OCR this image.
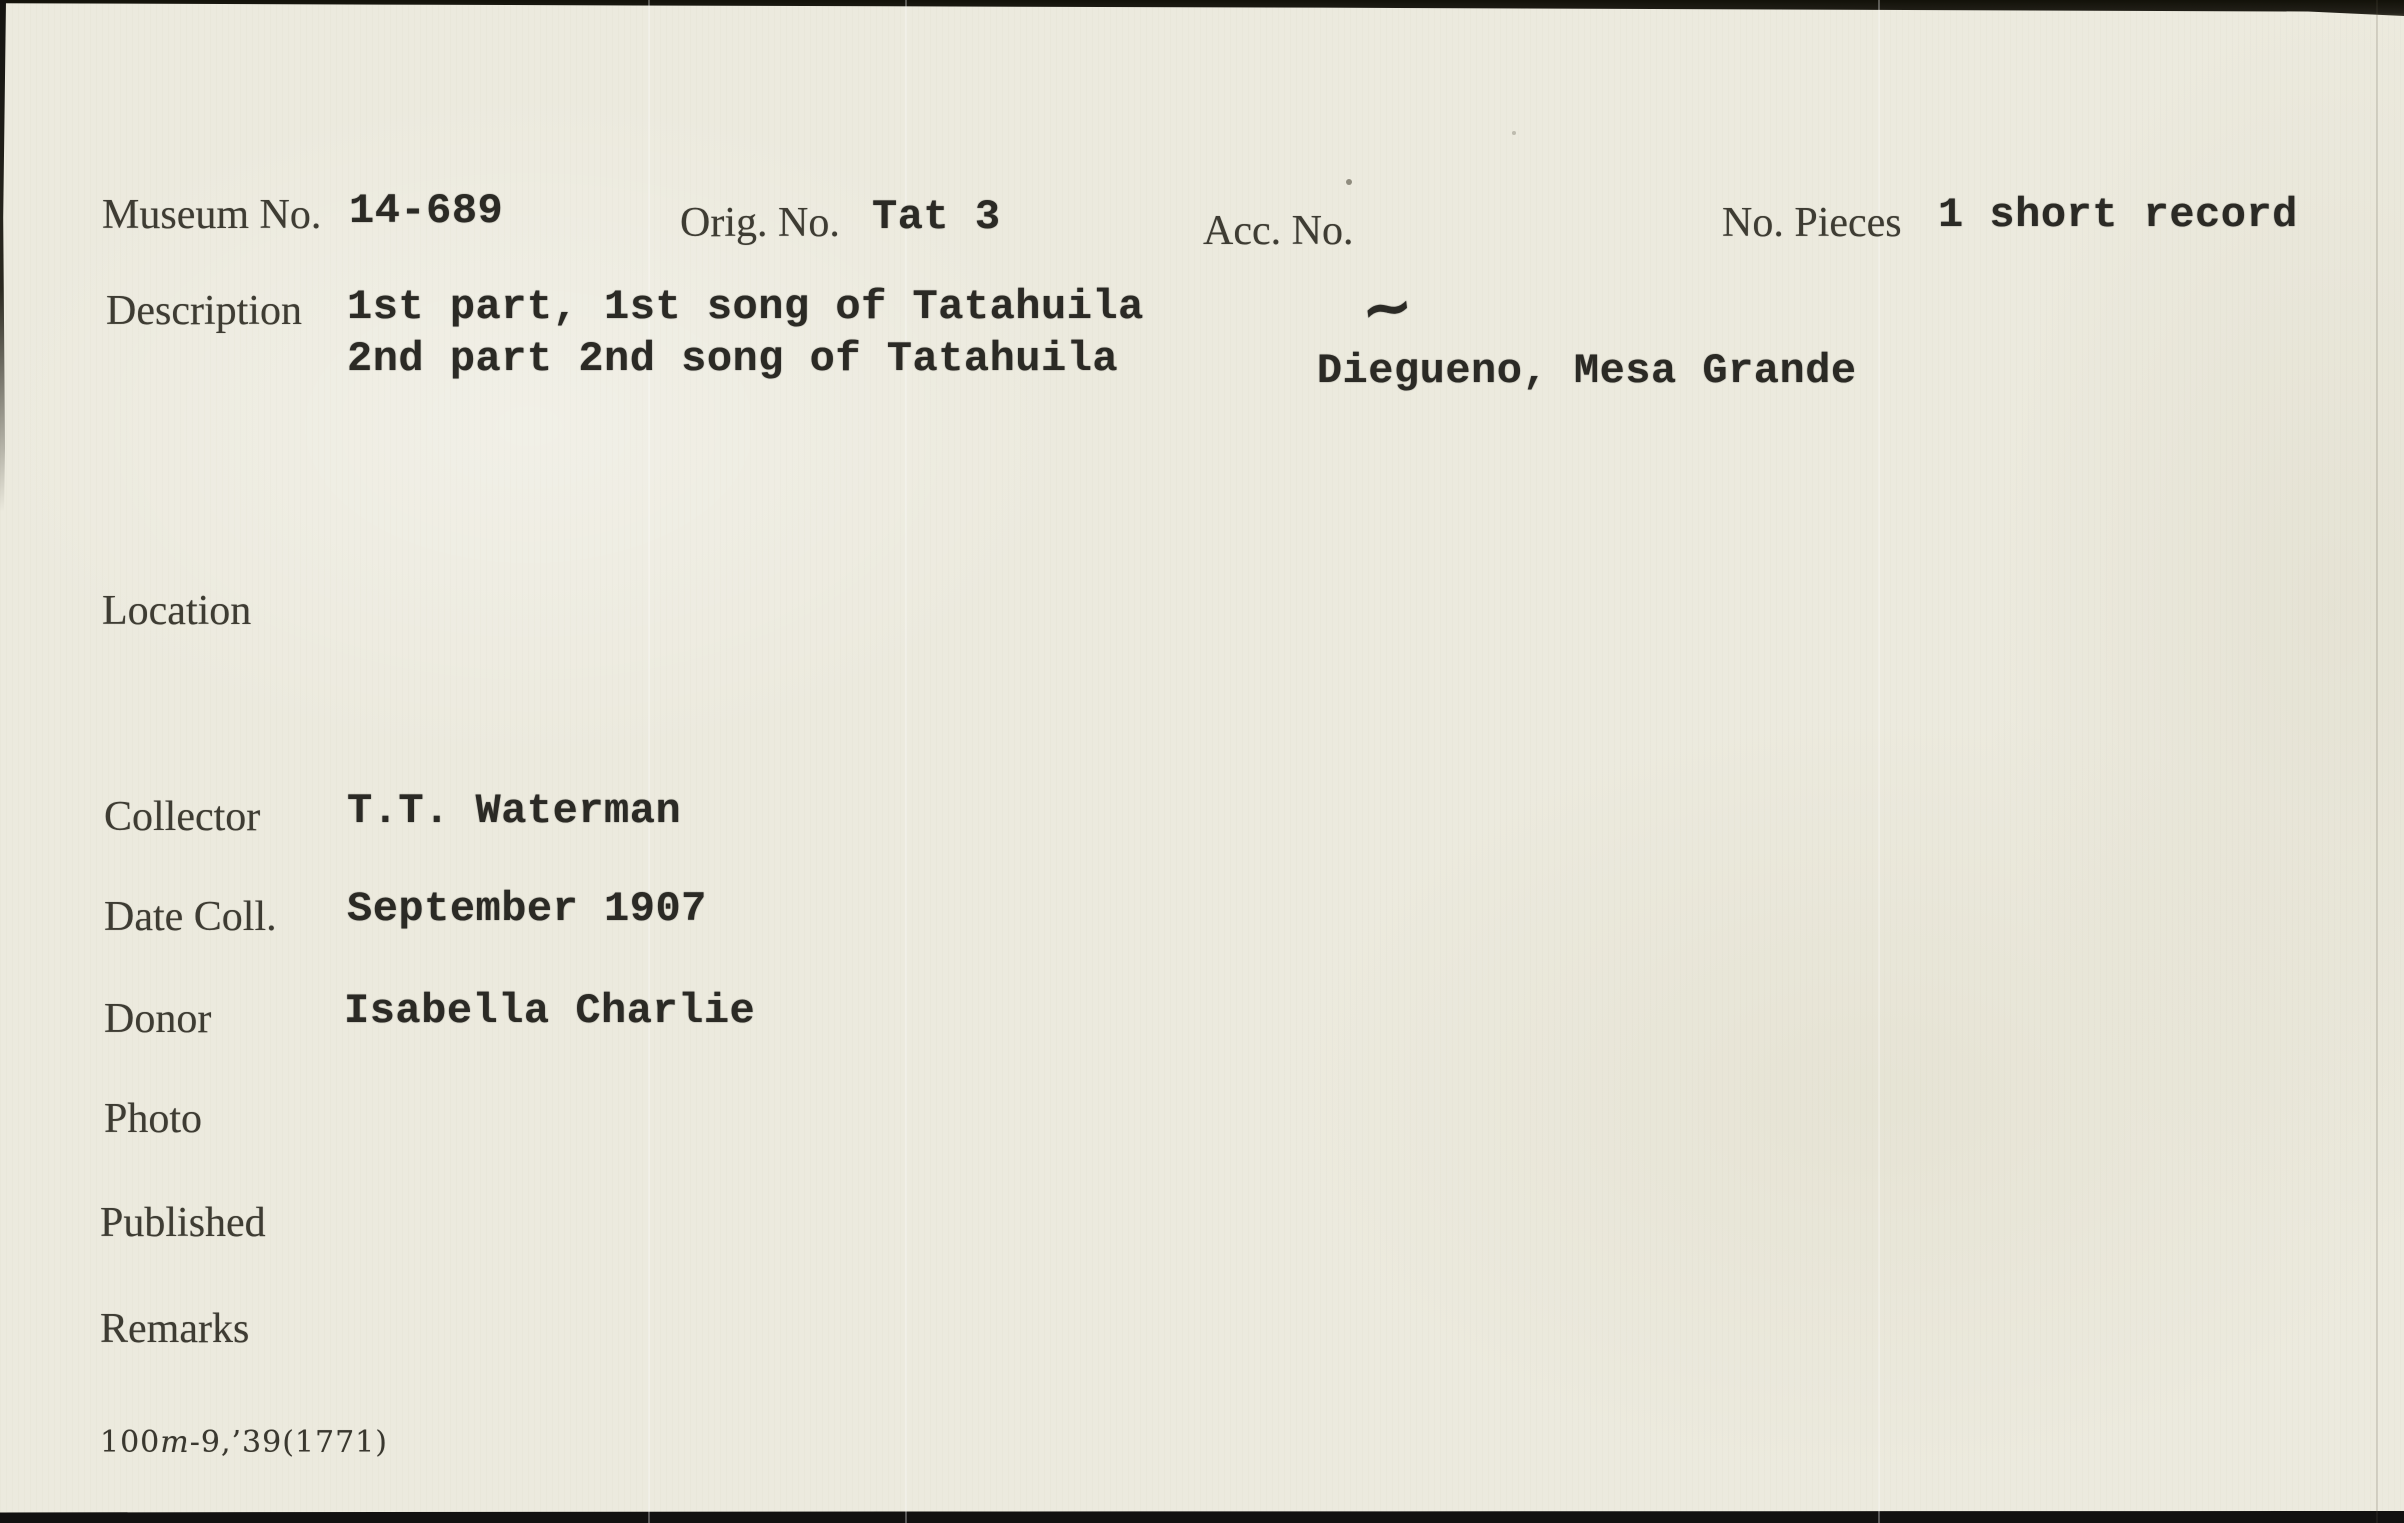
Museum No. 14-689	Orig. No. Tat 3	Acc. No.	No. Pieces 1 short record
Description 1st part, 1st song of Tatahuila
2nd part 2nd song of Tatahuila	Diegueno, Mesa Grande

~

Location
Collector T.T. Waterman
Date Coll. September 1907
Donor	Isabella Charlie
Photo
Published
Remarks
100m-9,’39(1771)
